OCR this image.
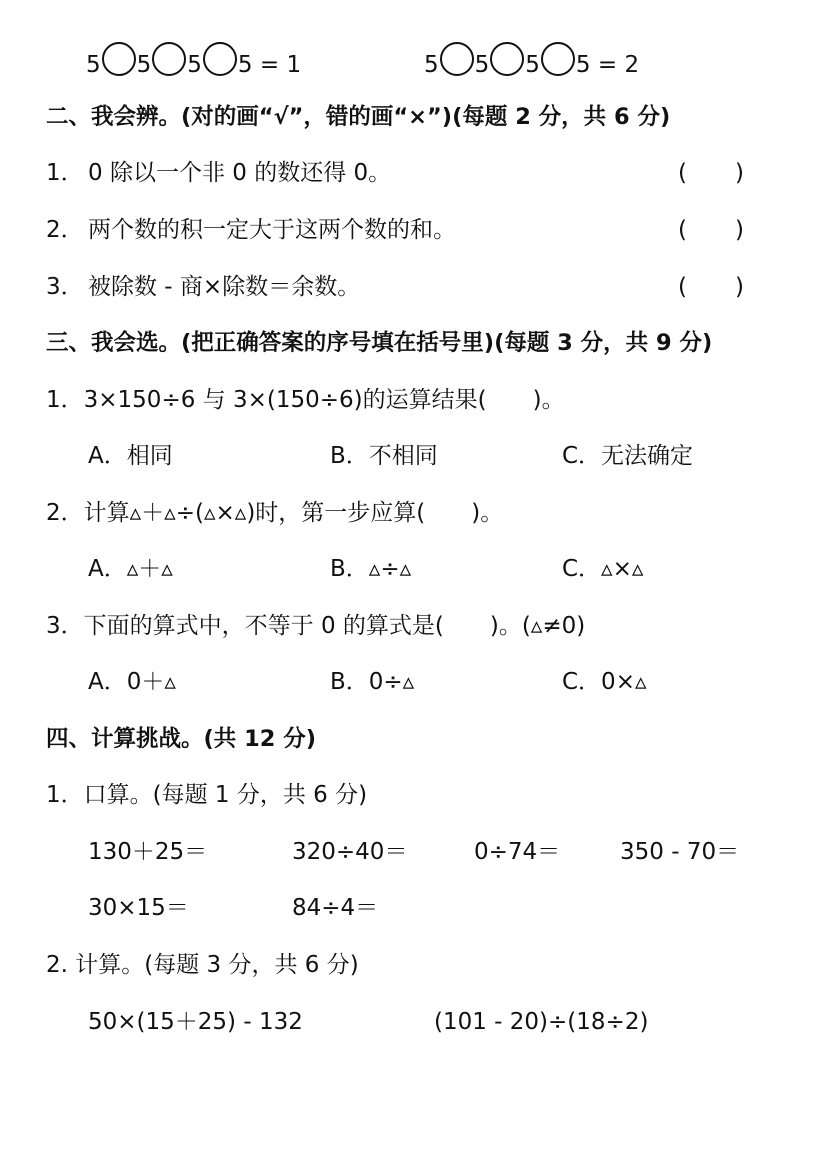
5 5 5 5 = 1	5 5 5 5 = 2
二、我会辨。(对的画“√”，错的画“×”)(每题 2 分，共 6 分)
1． 0 除以一个非 0 的数还得 0。	( )
2． 两个数的积一定大于这两个数的和。	( )
3． 被除数 - 商×除数＝余数。	( )
三、我会选。(把正确答案的序号填在括号里)(每题 3 分，共 9 分)
1．3×150÷6 与 3×(150÷6)的运算结果(　　)。
A．相同	B．不相同	C．无法确定
2．计算▵＋▵÷(▵×▵)时，第一步应算(　　)。
A．▵＋▵	B．▵÷▵	C．▵×▵
3．下面的算式中，不等于 0 的算式是(　　)。(▵≠0)
A．0＋▵	B．0÷▵	C．0×▵
四、计算挑战。(共 12 分)
1．口算。(每题 1 分，共 6 分)
130＋25＝	320÷40＝	0÷74＝	350 - 70＝
30×15＝	84÷4＝
2. 计算。(每题 3 分，共 6 分)
50×(15＋25) - 132	(101 - 20)÷(18÷2)
